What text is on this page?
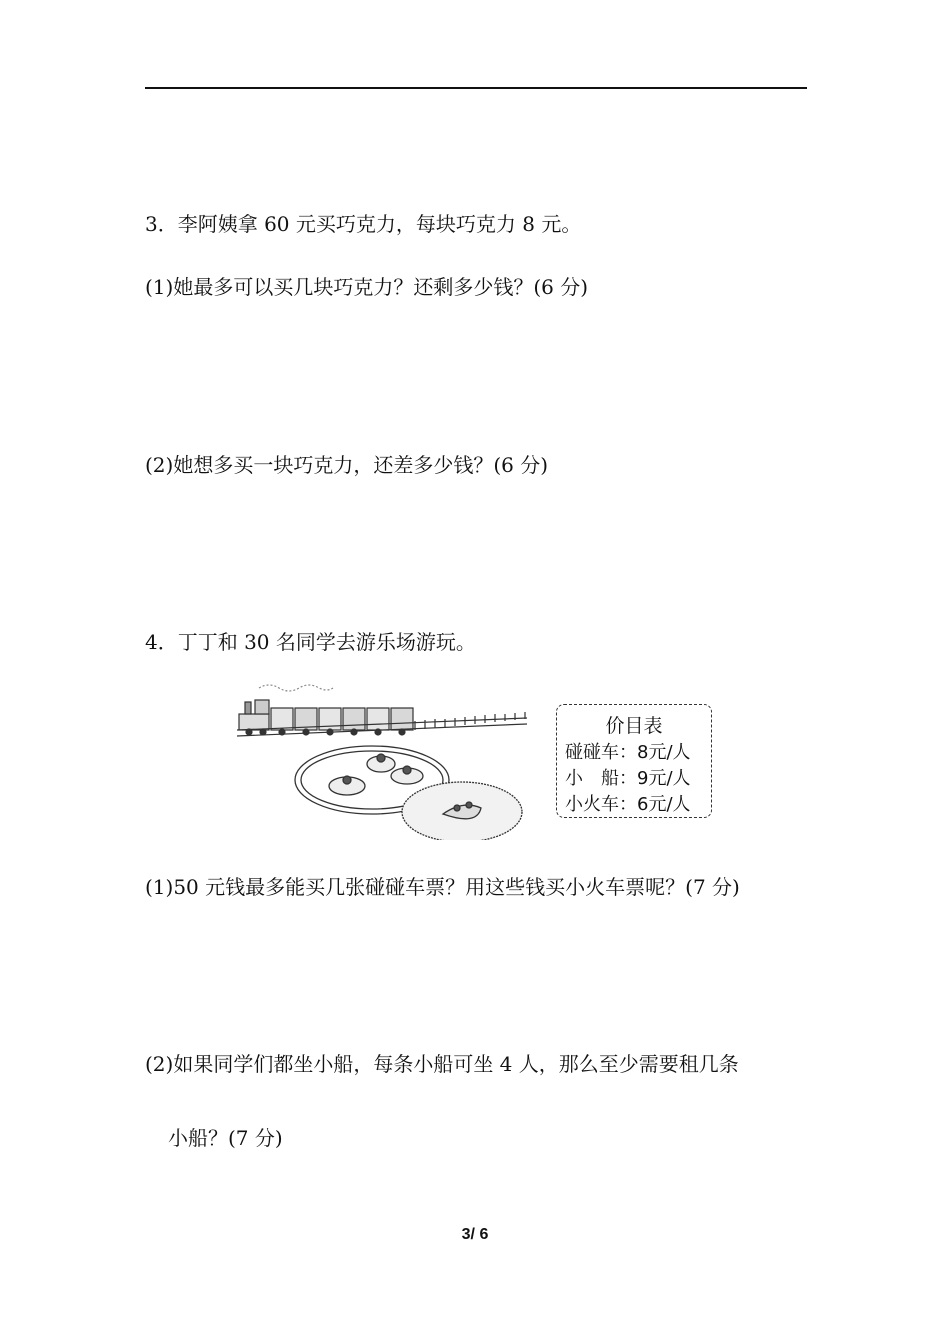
3．李阿姨拿 60 元买巧克力，每块巧克力 8 元。
(1)她最多可以买几块巧克力？还剩多少钱？(6 分)
(2)她想多买一块巧克力，还差多少钱？(6 分)
4．丁丁和 30 名同学去游乐场游玩。
价目表
碰碰车：8元/人
小　船：9元/人
小火车：6元/人
(1)50 元钱最多能买几张碰碰车票？用这些钱买小火车票呢？(7 分)
(2)如果同学们都坐小船，每条小船可坐 4 人，那么至少需要租几条
小船？(7 分)
3/ 6
